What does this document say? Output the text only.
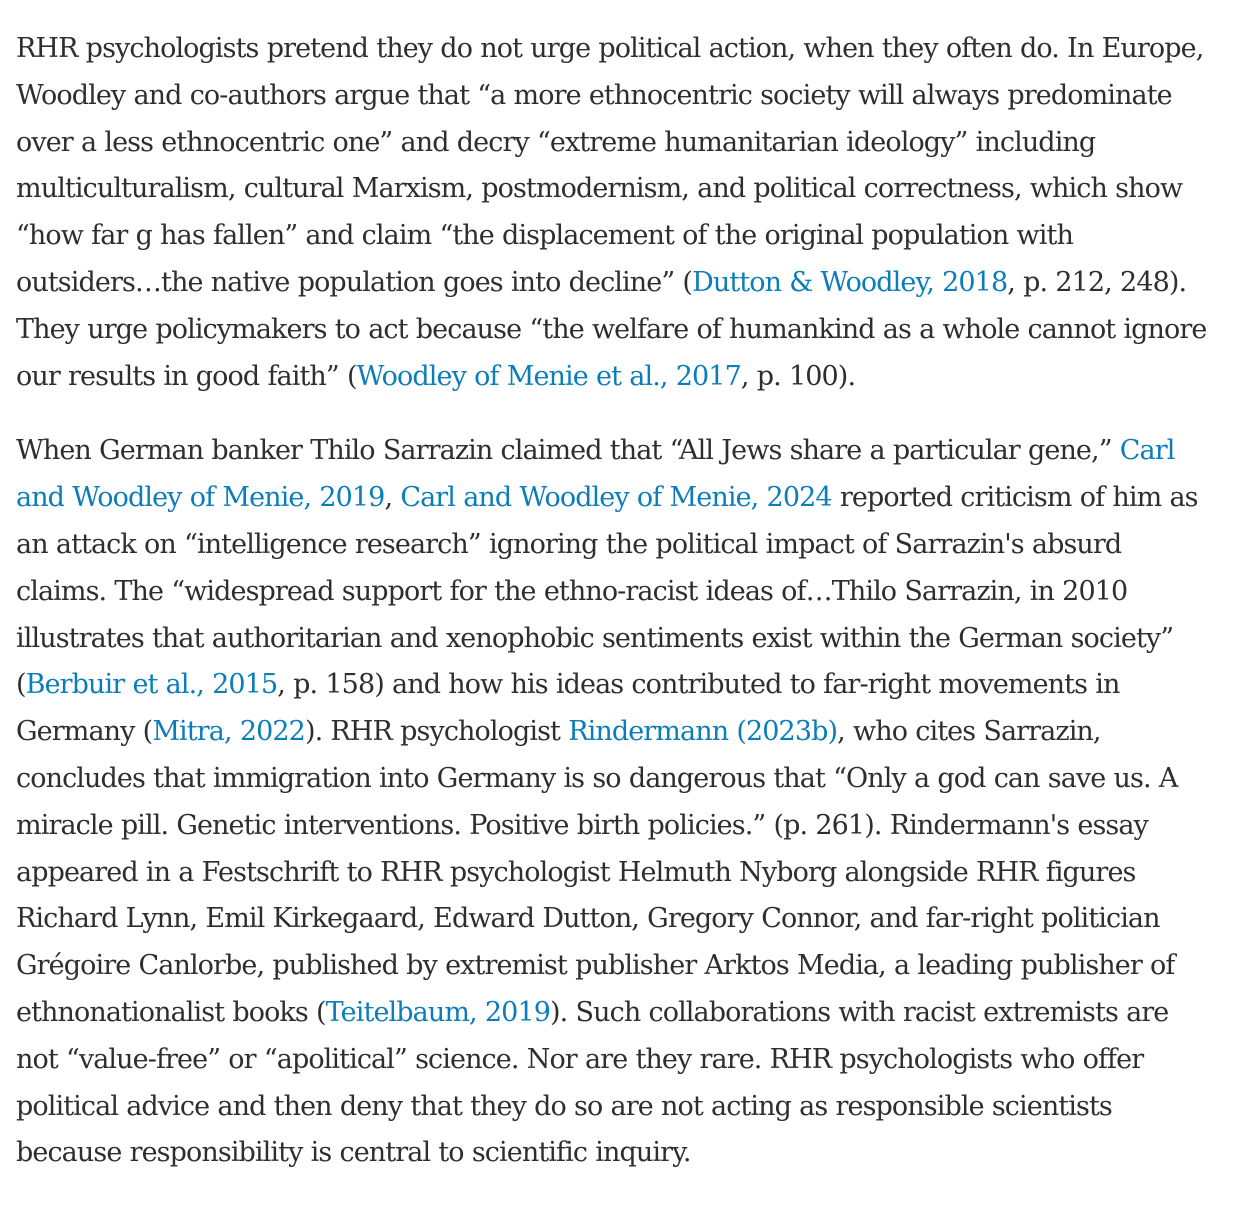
RHR psychologists pretend they do not urge political action, when they often do. In Europe, Woodley and co-authors argue that “a more ethnocentric society will always predominate over a less ethnocentric one” and decry “extreme humanitarian ideology” including multiculturalism, cultural Marxism, postmodernism, and political correctness, which show “how far g has fallen” and claim “the displacement of the original population with outsiders…the native population goes into decline” (Dutton & Woodley, 2018, p. 212, 248). They urge policymakers to act because “the welfare of humankind as a whole cannot ignore our results in good faith” (Woodley of Menie et al., 2017, p. 100).

When German banker Thilo Sarrazin claimed that “All Jews share a particular gene,” Carl and Woodley of Menie, 2019, Carl and Woodley of Menie, 2024 reported criticism of him as an attack on “intelligence research” ignoring the political impact of Sarrazin's absurd claims. The “widespread support for the ethno-racist ideas of…Thilo Sarrazin, in 2010 illustrates that authoritarian and xenophobic sentiments exist within the German society” (Berbuir et al., 2015, p. 158) and how his ideas contributed to far-right movements in Germany (Mitra, 2022). RHR psychologist Rindermann (2023b), who cites Sarrazin, concludes that immigration into Germany is so dangerous that “Only a god can save us. A miracle pill. Genetic interventions. Positive birth policies.” (p. 261). Rindermann's essay appeared in a Festschrift to RHR psychologist Helmuth Nyborg alongside RHR figures Richard Lynn, Emil Kirkegaard, Edward Dutton, Gregory Connor, and far-right politician Grégoire Canlorbe, published by extremist publisher Arktos Media, a leading publisher of ethnonationalist books (Teitelbaum, 2019). Such collaborations with racist extremists are not “value-free” or “apolitical” science. Nor are they rare. RHR psychologists who offer political advice and then deny that they do so are not acting as responsible scientists because responsibility is central to scientific inquiry.
